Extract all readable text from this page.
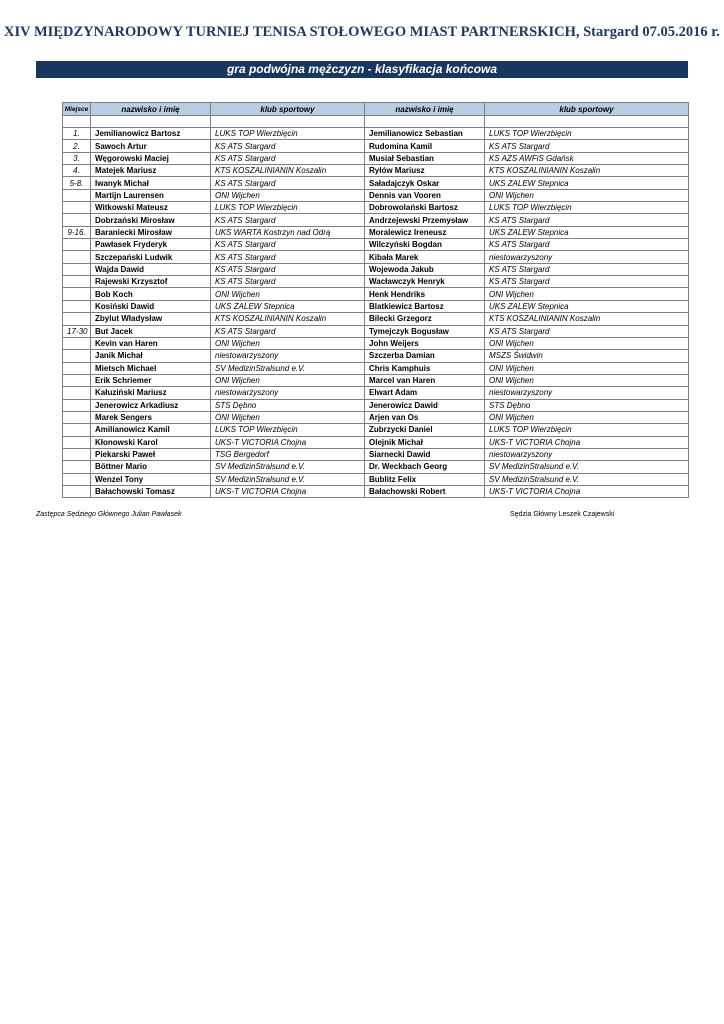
XIV MIĘDZYNARODOWY TURNIEJ TENISA STOŁOWEGO MIAST PARTNERSKICH, Stargard 07.05.2016 r.
gra podwójna mężczyzn - klasyfikacja końcowa
Miejsce	nazwisko i imię	klub sportowy	nazwisko i imię	klub sportowy

1.	Jemilianowicz Bartosz	LUKS TOP Wierzbięcin	Jemilianowicz Sebastian	LUKS TOP Wierzbięcin
2.	Sawoch Artur	KS ATS Stargard	Rudomina Kamil	KS ATS Stargard
3.	Węgorowski Maciej	KS ATS Stargard	Musiał Sebastian	KS AZS AWFiS Gdańsk
4.	Matejek Mariusz	KTS KOSZALINIANIN Koszalin	Ryłów Mariusz	KTS KOSZALINIANIN Koszalin
5-8.	Iwanyk Michał	KS ATS Stargard	Saładajczyk Oskar	UKS ZALEW Stepnica
	Martijn Laurensen	ONI Wijchen	Dennis van Vooren	ONI Wijchen
	Witkowski Mateusz	LUKS TOP Wierzbięcin	Dobrowolański Bartosz	LUKS TOP Wierzbięcin
	Dobrzański Mirosław	KS ATS Stargard	Andrzejewski Przemysław	KS ATS Stargard
9-16.	Baraniecki Mirosław	UKS WARTA Kostrzyn nad Odrą	Moralewicz Ireneusz	UKS ZALEW Stepnica
	Pawłasek Fryderyk	KS ATS Stargard	Wilczyński Bogdan	KS ATS Stargard
	Szczepański Ludwik	KS ATS Stargard	Kibała Marek	niestowarzyszony
	Wajda Dawid	KS ATS Stargard	Wojewoda Jakub	KS ATS Stargard
	Rajewski Krzysztof	KS ATS Stargard	Wacławczyk Henryk	KS ATS Stargard
	Bob Koch	ONI Wijchen	Henk Hendriks	ONI Wijchen
	Kosiński Dawid	UKS ZALEW Stepnica	Blatkiewicz Bartosz	UKS ZALEW Stepnica
	Zbylut Władysław	KTS KOSZALINIANIN Koszalin	Bilecki Grzegorz	KTS KOSZALINIANIN Koszalin
17-30	But Jacek	KS ATS Stargard	Tymejczyk Bogusław	KS ATS Stargard
	Kevin van Haren	ONI Wijchen	John Weijers	ONI Wijchen
	Janik Michał	niestowarzyszony	Szczerba Damian	MSZS Świdwin
	Mietsch Michael	SV MedizinStralsund e.V.	Chris Kamphuis	ONI Wijchen
	Erik Schriemer	ONI Wijchen	Marcel van Haren	ONI Wijchen
	Kałuziński Mariusz	niestowarzyszony	Elwart Adam	niestowarzyszony
	Jenerowicz Arkadiusz	STS Dębno	Jenerowicz Dawid	STS Dębno
	Marek Sengers	ONI Wijchen	Arjen van Os	ONI Wijchen
	Amilianowicz Kamil	LUKS TOP Wierzbięcin	Zubrzycki Daniel	LUKS TOP Wierzbięcin
	Kłonowski Karol	UKS-T VICTORIA Chojna	Olejnik Michał	UKS-T VICTORIA Chojna
	Piekarski Paweł	TSG Bergedorf	Siarnecki Dawid	niestowarzyszony
	Böttner Mario	SV MedizinStralsund e.V.	Dr. Weckbach Georg	SV MedizinStralsund e.V.
	Wenzel Tony	SV MedizinStralsund e.V.	Bublitz Felix	SV MedizinStralsund e.V.
	Bałachowski Tomasz	UKS-T VICTORIA Chojna	Bałachowski Robert	UKS-T VICTORIA Chojna
Zastępca Sędziego Głównego Julian Pawłasek	Sędzia Główny Leszek Czajewski
